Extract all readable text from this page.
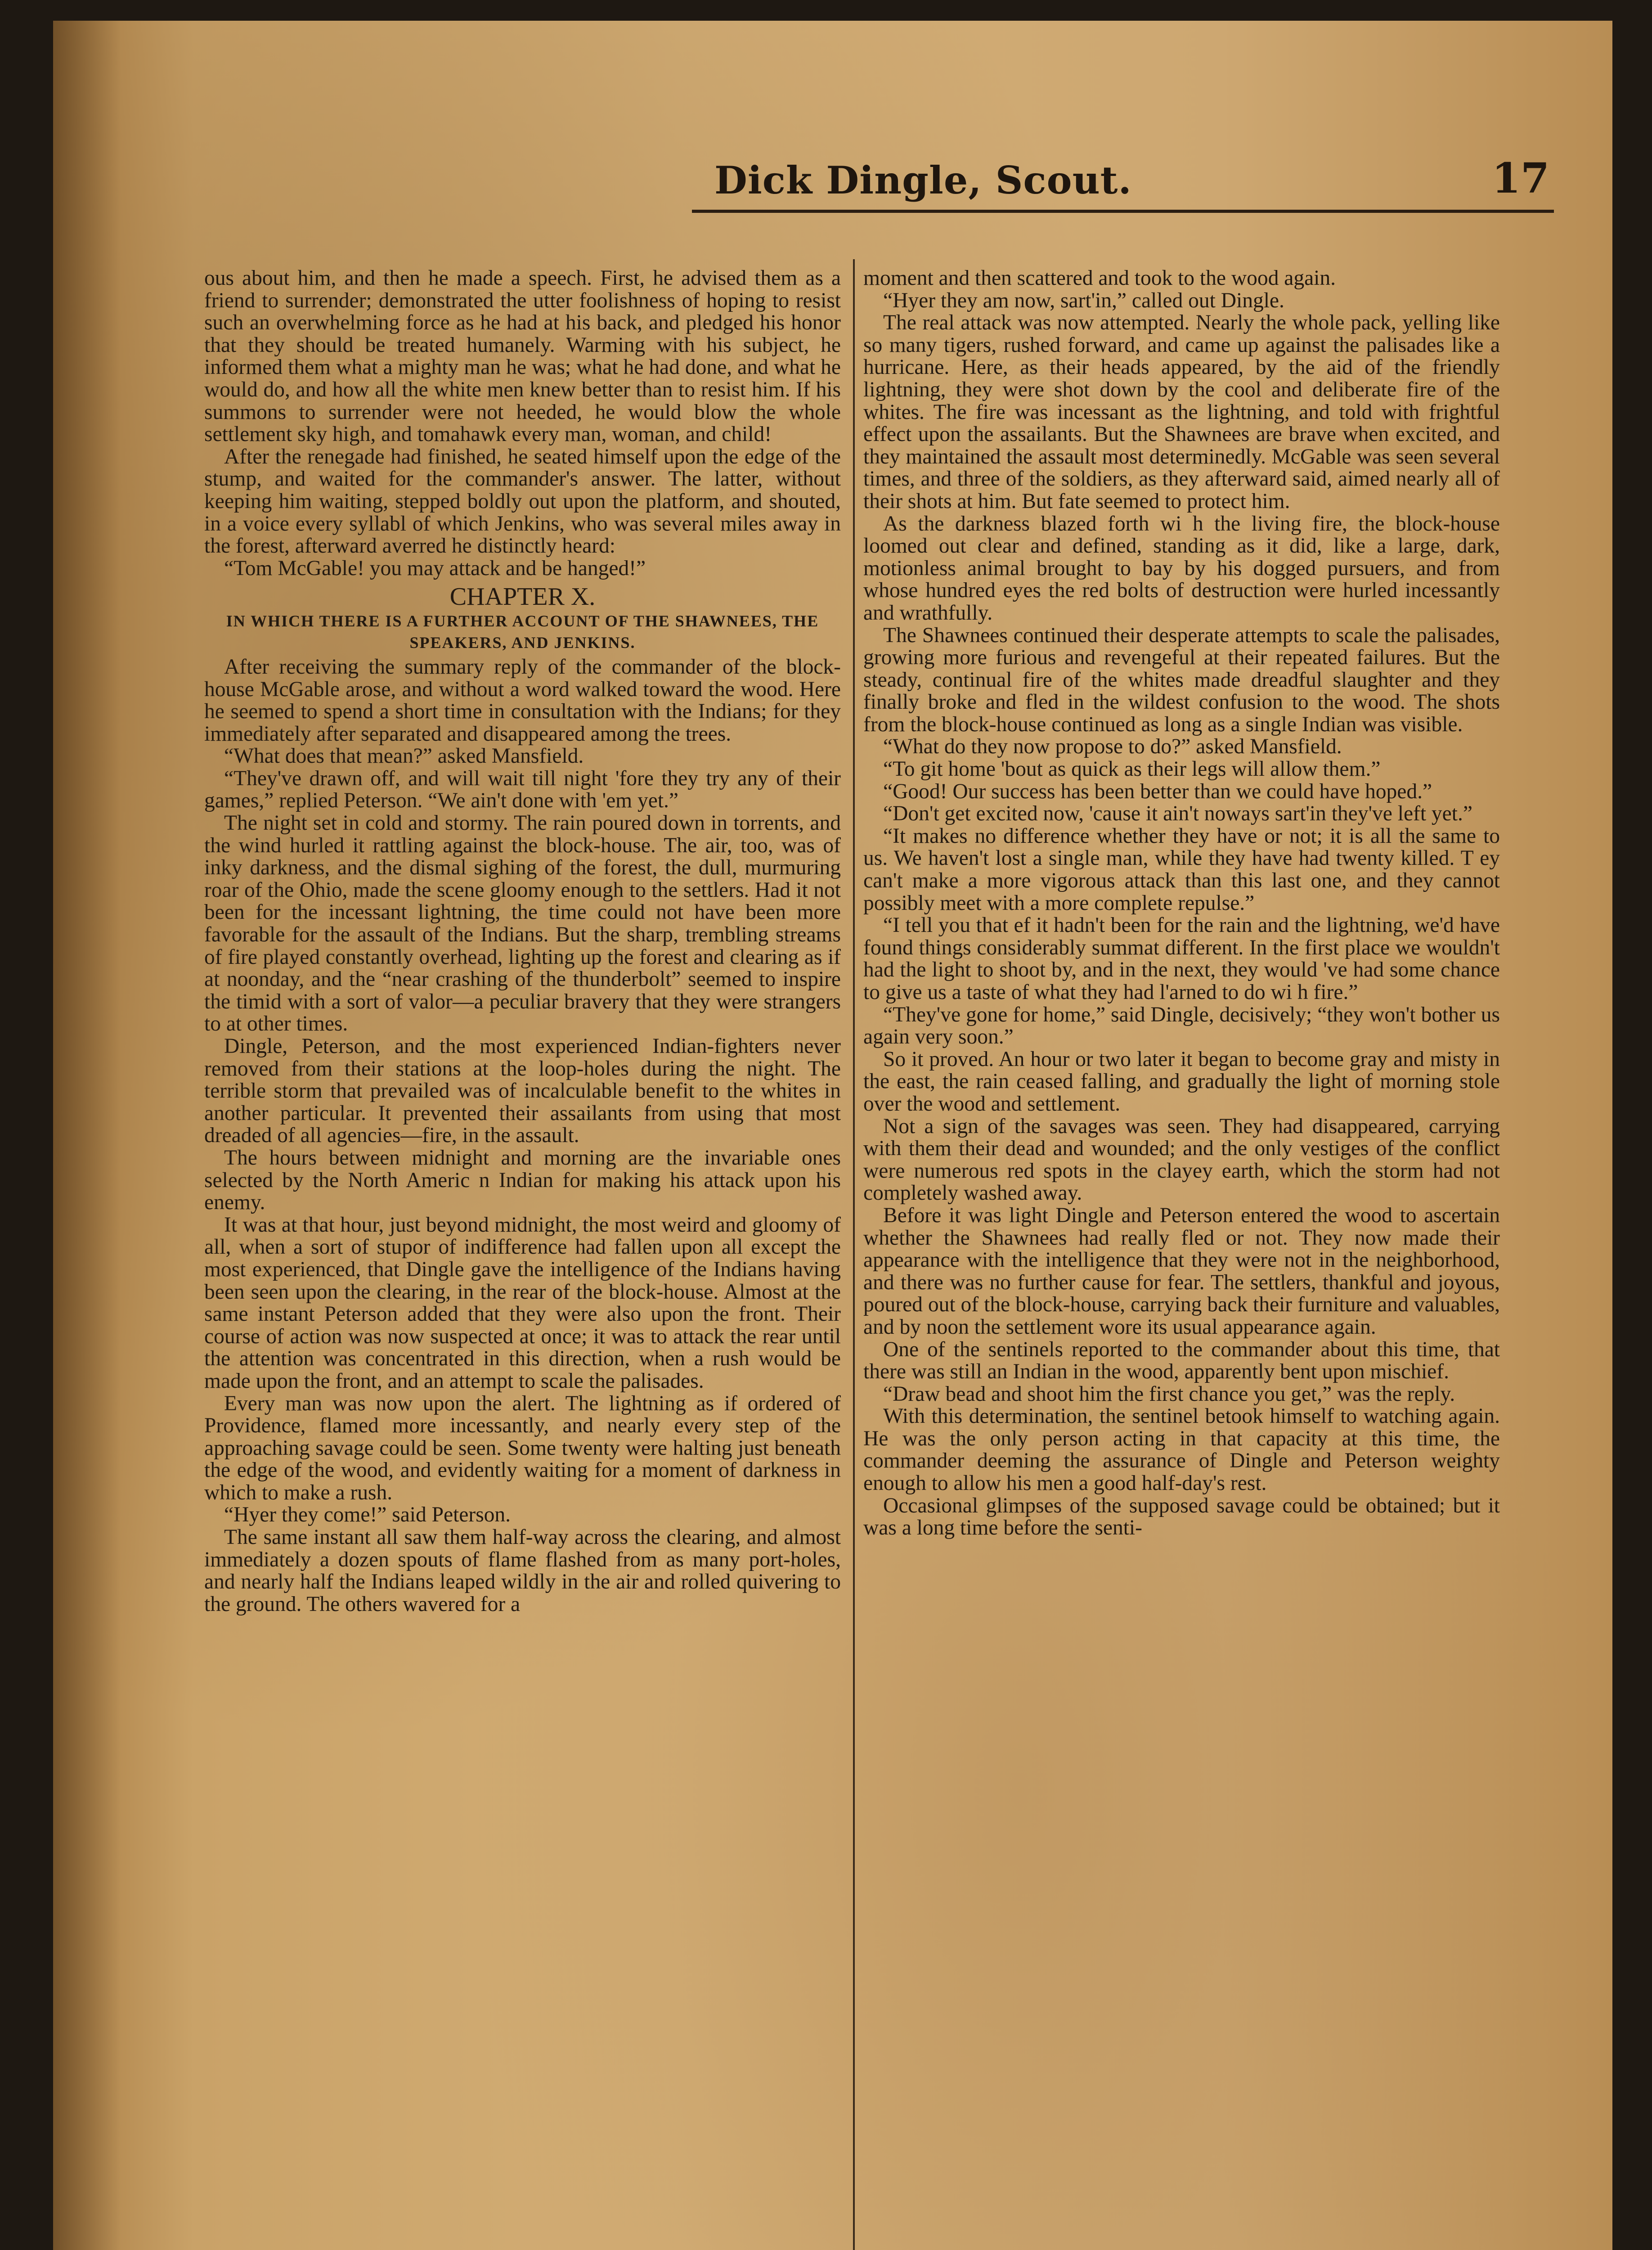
Dick Dingle, Scout.	17

ous about him, and then he made a speech. First, he advised them as a friend to surrender; demonstrated the utter foolishness of hoping to resist such an overwhelming force as he had at his back, and pledged his honor that they should be treated humanely. Warming with his subject, he informed them what a mighty man he was; what he had done, and what he would do, and how all the white men knew better than to resist him. If his summons to surrender were not heeded, he would blow the whole settlement sky high, and tomahawk every man, woman, and child!

After the renegade had finished, he seated himself upon the edge of the stump, and waited for the commander's answer. The latter, without keeping him waiting, stepped boldly out upon the platform, and shouted, in a voice every syllabl of which Jenkins, who was several miles away in the forest, afterward averred he distinctly heard:

“Tom McGable! you may attack and be hanged!”

CHAPTER X.

IN WHICH THERE IS A FURTHER ACCOUNT OF THE SHAWNEES, THE SPEAKERS, AND JENKINS.

After receiving the summary reply of the commander of the block-house McGable arose, and without a word walked toward the wood. Here he seemed to spend a short time in consultation with the Indians; for they immediately after separated and disappeared among the trees.

“What does that mean?” asked Mansfield.

“They've drawn off, and will wait till night 'fore they try any of their games,” replied Peterson. “We ain't done with 'em yet.”

The night set in cold and stormy. The rain poured down in torrents, and the wind hurled it rattling against the block-house. The air, too, was of inky darkness, and the dismal sighing of the forest, the dull, murmuring roar of the Ohio, made the scene gloomy enough to the settlers. Had it not been for the incessant lightning, the time could not have been more favorable for the assault of the Indians. But the sharp, trembling streams of fire played constantly overhead, lighting up the forest and clearing as if at noonday, and the “near crashing of the thunderbolt” seemed to inspire the timid with a sort of valor—a peculiar bravery that they were strangers to at other times.

Dingle, Peterson, and the most experienced Indian-fighters never removed from their stations at the loop-holes during the night. The terrible storm that prevailed was of incalculable benefit to the whites in another particular. It prevented their assailants from using that most dreaded of all agencies—fire, in the assault.

The hours between midnight and morning are the invariable ones selected by the North Americ n Indian for making his attack upon his enemy.

It was at that hour, just beyond midnight, the most weird and gloomy of all, when a sort of stupor of indifference had fallen upon all except the most experienced, that Dingle gave the intelligence of the Indians having been seen upon the clearing, in the rear of the block-house. Almost at the same instant Peterson added that they were also upon the front. Their course of action was now suspected at once; it was to attack the rear until the attention was concentrated in this direction, when a rush would be made upon the front, and an attempt to scale the palisades.

Every man was now upon the alert. The lightning as if ordered of Providence, flamed more incessantly, and nearly every step of the approaching savage could be seen. Some twenty were halting just beneath the edge of the wood, and evidently waiting for a moment of darkness in which to make a rush.

“Hyer they come!” said Peterson.

The same instant all saw them half-way across the clearing, and almost immediately a dozen spouts of flame flashed from as many port-holes, and nearly half the Indians leaped wildly in the air and rolled quivering to the ground. The others wavered for a

moment and then scattered and took to the wood again.

“Hyer they am now, sart'in,” called out Dingle.

The real attack was now attempted. Nearly the whole pack, yelling like so many tigers, rushed forward, and came up against the palisades like a hurricane. Here, as their heads appeared, by the aid of the friendly lightning, they were shot down by the cool and deliberate fire of the whites. The fire was incessant as the lightning, and told with frightful effect upon the assailants. But the Shawnees are brave when excited, and they maintained the assault most determinedly. McGable was seen several times, and three of the soldiers, as they afterward said, aimed nearly all of their shots at him. But fate seemed to protect him.

As the darkness blazed forth wi h the living fire, the block-house loomed out clear and defined, standing as it did, like a large, dark, motionless animal brought to bay by his dogged pursuers, and from whose hundred eyes the red bolts of destruction were hurled incessantly and wrathfully.

The Shawnees continued their desperate attempts to scale the palisades, growing more furious and revengeful at their repeated failures. But the steady, continual fire of the whites made dreadful slaughter and they finally broke and fled in the wildest confusion to the wood. The shots from the block-house continued as long as a single Indian was visible.

“What do they now propose to do?” asked Mansfield.

“To git home 'bout as quick as their legs will allow them.”

“Good! Our success has been better than we could have hoped.”

“Don't get excited now, 'cause it ain't noways sart'in they've left yet.”

“It makes no difference whether they have or not; it is all the same to us. We haven't lost a single man, while they have had twenty killed. T ey can't make a more vigorous attack than this last one, and they cannot possibly meet with a more complete repulse.”

“I tell you that ef it hadn't been for the rain and the lightning, we'd have found things considerably summat different. In the first place we wouldn't had the light to shoot by, and in the next, they would 've had some chance to give us a taste of what they had l'arned to do wi h fire.”

“They've gone for home,” said Dingle, decisively; “they won't bother us again very soon.”

So it proved. An hour or two later it began to become gray and misty in the east, the rain ceased falling, and gradually the light of morning stole over the wood and settlement.

Not a sign of the savages was seen. They had disappeared, carrying with them their dead and wounded; and the only vestiges of the conflict were numerous red spots in the clayey earth, which the storm had not completely washed away.

Before it was light Dingle and Peterson entered the wood to ascertain whether the Shawnees had really fled or not. They now made their appearance with the intelligence that they were not in the neighborhood, and there was no further cause for fear. The settlers, thankful and joyous, poured out of the block-house, carrying back their furniture and valuables, and by noon the settlement wore its usual appearance again.

One of the sentinels reported to the commander about this time, that there was still an Indian in the wood, apparently bent upon mischief.

“Draw bead and shoot him the first chance you get,” was the reply.

With this determination, the sentinel betook himself to watching again. He was the only person acting in that capacity at this time, the commander deeming the assurance of Dingle and Peterson weighty enough to allow his men a good half-day's rest.

Occasional glimpses of the supposed savage could be obtained; but it was a long time before the senti-
